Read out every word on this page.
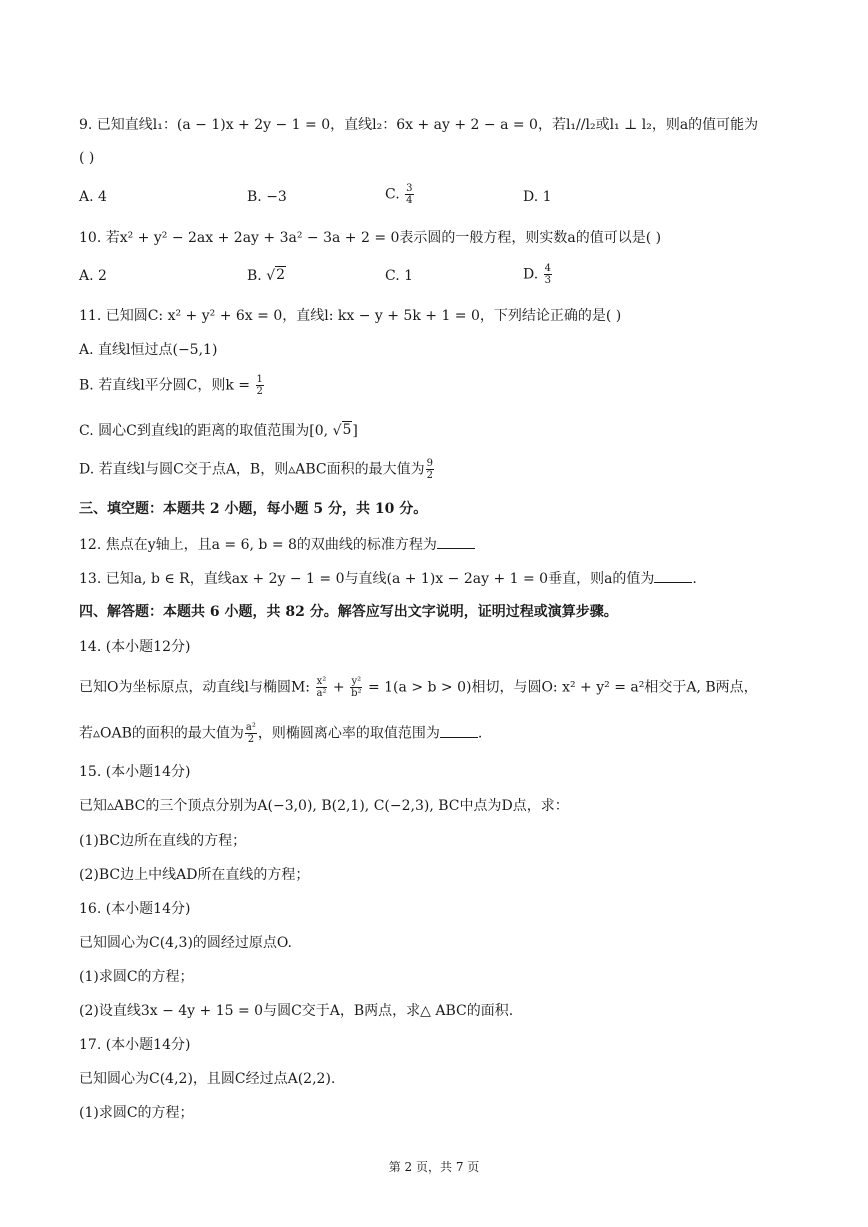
9. 已知直线l₁：(a − 1)x + 2y − 1 = 0，直线l₂：6x + ay + 2 − a = 0，若l₁//l₂或l₁ ⊥ l₂，则a的值可能为
( )
A. 4	B. −3	C. $\frac{3}{4}$	D. 1
10. 若x² + y² − 2ax + 2ay + 3a² − 3a + 2 = 0表示圆的一般方程，则实数a的值可以是( )
A. 2	B. √ 2	C. 1	D. $\frac{4}{3}$
11. 已知圆C: x² + y² + 6x = 0，直线l: kx − y + 5k + 1 = 0，下列结论正确的是( )
A. 直线l恒过点(−5,1)
B. 若直线l平分圆C，则$k = \frac{1}{2}$
C. 圆心C到直线l的距离的取值范围为[0, √ 5 ]
D. 若直线l与圆C交于点A，B，则▵ABC面积的最大值为 $\frac{9}{2}$
三、填空题：本题共 2 小题，每小题 5 分，共 10 分。
12. 焦点在y轴上，且a = 6, b = 8的双曲线的标准方程为
13. 已知a, b ∈ R，直线ax + 2y − 1 = 0与直线(a + 1)x − 2ay + 1 = 0垂直，则a的值为	.
四、解答题：本题共 6 小题，共 82 分。解答应写出文字说明，证明过程或演算步骤。
14. (本小题12分)
已知O为坐标原点，动直线l与椭圆M: $\frac{\text{x²}}{\text{a²}} + \frac{\text{y²}}{\text{b²}} = 1(a > b > 0)$相切，与圆O: x² + y² = a²相交于A, B两点，
若▵OAB的面积的最大值为 $\frac{\text{a²}}{2}$ ，则椭圆离心率的取值范围为	.
15. (本小题14分)
已知▵ABC的三个顶点分别为A(−3,0), B(2,1), C(−2,3), BC中点为D点，求：
(1)BC边所在直线的方程；
(2)BC边上中线AD所在直线的方程；
16. (本小题14分)
已知圆心为C(4,3)的圆经过原点O.
(1)求圆C的方程；
(2)设直线3x − 4y + 15 = 0与圆C交于A，B两点，求△ ABC的面积.
17. (本小题14分)
已知圆心为C(4,2)，且圆C经过点A(2,2).
(1)求圆C的方程；
第 2 页，共 7 页
